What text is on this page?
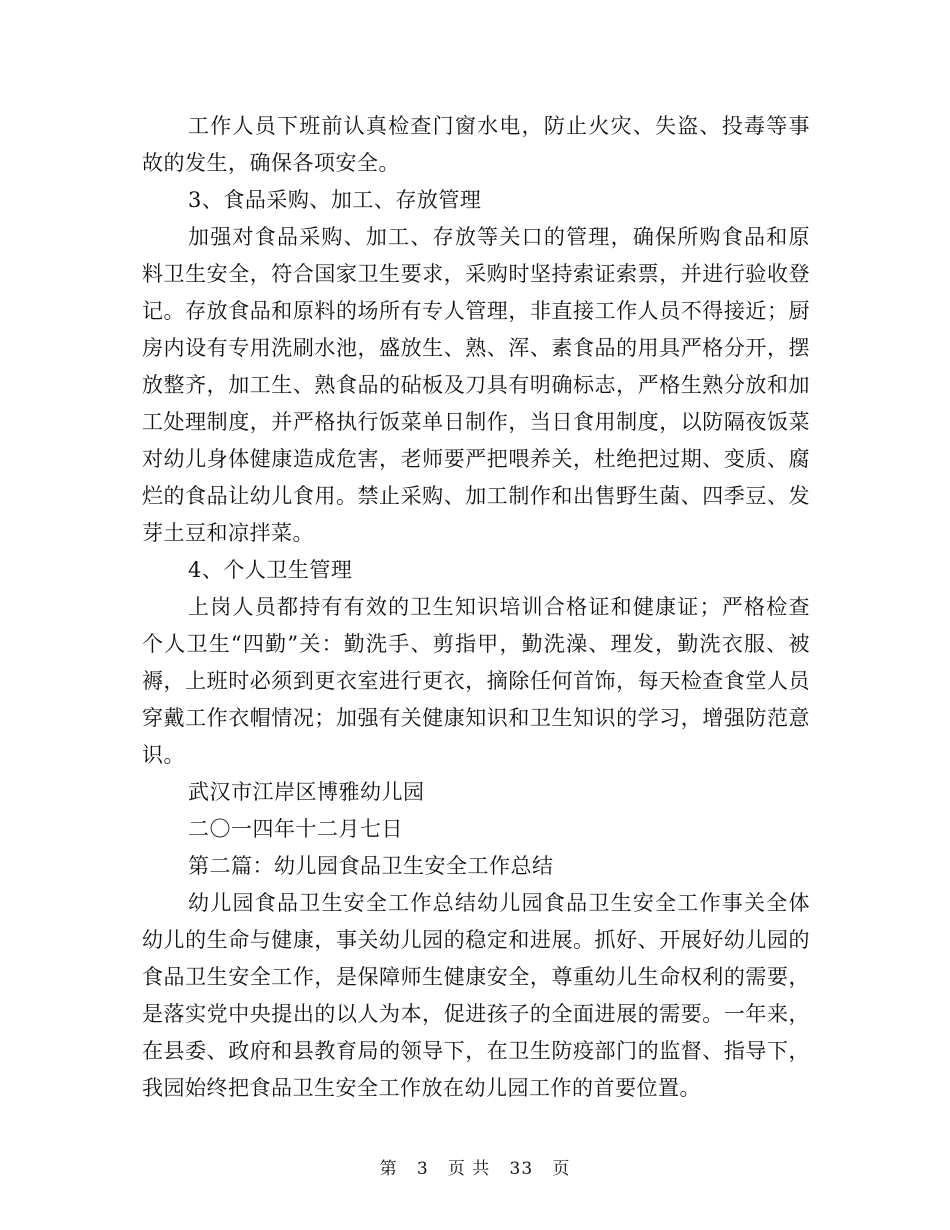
工作人员下班前认真检查门窗水电，防止火灾、失盗、投毒等事故的发生，确保各项安全。

3、食品采购、加工、存放管理

加强对食品采购、加工、存放等关口的管理，确保所购食品和原料卫生安全，符合国家卫生要求，采购时坚持索证索票，并进行验收登记。存放食品和原料的场所有专人管理，非直接工作人员不得接近；厨房内设有专用洗刷水池，盛放生、熟、浑、素食品的用具严格分开，摆放整齐，加工生、熟食品的砧板及刀具有明确标志，严格生熟分放和加工处理制度，并严格执行饭菜单日制作，当日食用制度，以防隔夜饭菜对幼儿身体健康造成危害，老师要严把喂养关，杜绝把过期、变质、腐烂的食品让幼儿食用。禁止采购、加工制作和出售野生菌、四季豆、发芽土豆和凉拌菜。

4、个人卫生管理

上岗人员都持有有效的卫生知识培训合格证和健康证；严格检查个人卫生“四勤”关：勤洗手、剪指甲，勤洗澡、理发，勤洗衣服、被褥，上班时必须到更衣室进行更衣，摘除任何首饰，每天检查食堂人员穿戴工作衣帽情况；加强有关健康知识和卫生知识的学习，增强防范意识。

武汉市江岸区博雅幼儿园

二〇一四年十二月七日

第二篇：幼儿园食品卫生安全工作总结

幼儿园食品卫生安全工作总结幼儿园食品卫生安全工作事关全体幼儿的生命与健康，事关幼儿园的稳定和进展。抓好、开展好幼儿园的食品卫生安全工作，是保障师生健康安全，尊重幼儿生命权利的需要，是落实党中央提出的以人为本，促进孩子的全面进展的需要。一年来，在县委、政府和县教育局的领导下，在卫生防疫部门的监督、指导下，我园始终把食品卫生安全工作放在幼儿园工作的首要位置。

第 3 页 共 33 页
